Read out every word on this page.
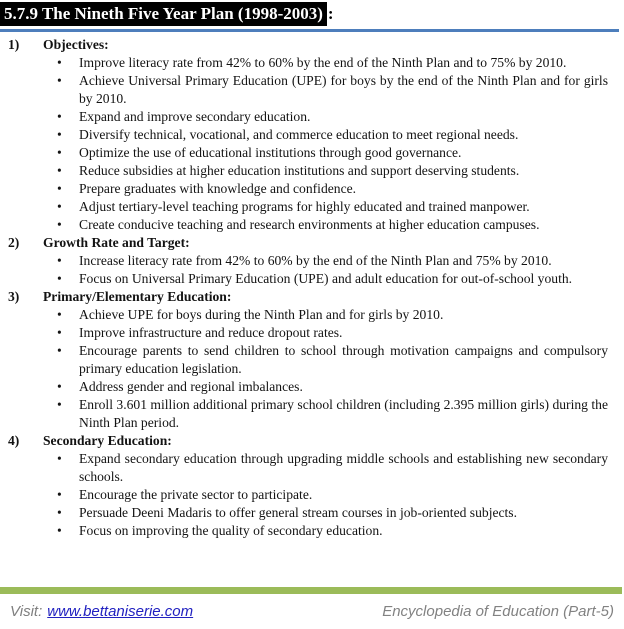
5.7.9 The Nineth Five Year Plan (1998-2003) :
1)	Objectives:
•	Improve literacy rate from 42% to 60% by the end of the Ninth Plan and to 75% by 2010.
•	Achieve Universal Primary Education (UPE) for boys by the end of the Ninth Plan and for girls by 2010.
•	Expand and improve secondary education.
•	Diversify technical, vocational, and commerce education to meet regional needs.
•	Optimize the use of educational institutions through good governance.
•	Reduce subsidies at higher education institutions and support deserving students.
•	Prepare graduates with knowledge and confidence.
•	Adjust tertiary-level teaching programs for highly educated and trained manpower.
•	Create conducive teaching and research environments at higher education campuses.
2)	Growth Rate and Target:
•	Increase literacy rate from 42% to 60% by the end of the Ninth Plan and 75% by 2010.
•	Focus on Universal Primary Education (UPE) and adult education for out-of-school youth.
3)	Primary/Elementary Education:
•	Achieve UPE for boys during the Ninth Plan and for girls by 2010.
•	Improve infrastructure and reduce dropout rates.
•	Encourage parents to send children to school through motivation campaigns and compulsory primary education legislation.
•	Address gender and regional imbalances.
•	Enroll 3.601 million additional primary school children (including 2.395 million girls) during the Ninth Plan period.
4)	Secondary Education:
•	Expand secondary education through upgrading middle schools and establishing new secondary schools.
•	Encourage the private sector to participate.
•	Persuade Deeni Madaris to offer general stream courses in job-oriented subjects.
•	Focus on improving the quality of secondary education.
Visit: www.bettaniserie.com	Encyclopedia of Education (Part-5)
